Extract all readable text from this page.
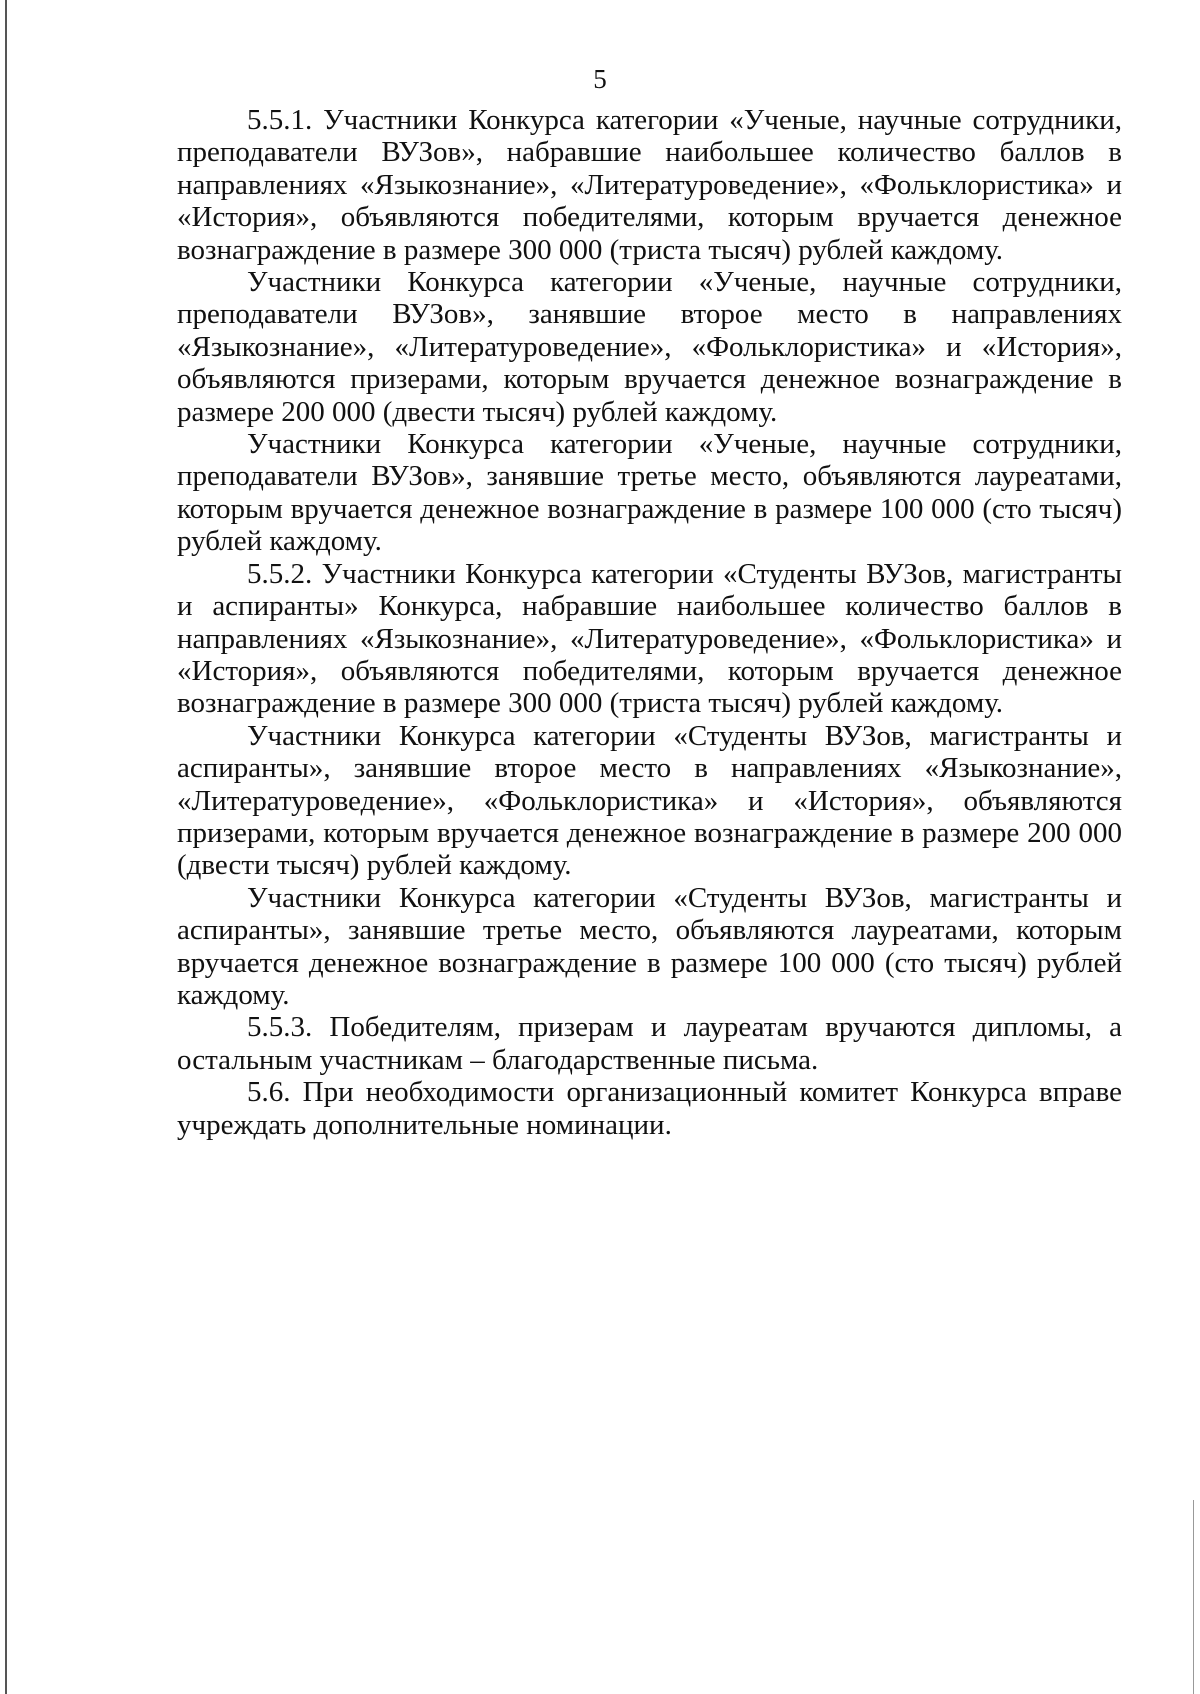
5

5.5.1. Участники Конкурса категории «Ученые, научные сотрудники, преподаватели ВУЗов», набравшие наибольшее количество баллов в направлениях «Языкознание», «Литературоведение», «Фольклористика» и «История», объявляются победителями, которым вручается денежное вознаграждение в размере 300 000 (триста тысяч) рублей каждому.

Участники Конкурса категории «Ученые, научные сотрудники, преподаватели ВУЗов», занявшие второе место в направлениях «Языкознание», «Литературоведение», «Фольклористика» и «История», объявляются призерами, которым вручается денежное вознаграждение в размере 200 000 (двести тысяч) рублей каждому.

Участники Конкурса категории «Ученые, научные сотрудники, преподаватели ВУЗов», занявшие третье место, объявляются лауреатами, которым вручается денежное вознаграждение в размере 100 000 (сто тысяч) рублей каждому.

5.5.2. Участники Конкурса категории «Студенты ВУЗов, магистранты и аспиранты» Конкурса, набравшие наибольшее количество баллов в направлениях «Языкознание», «Литературоведение», «Фольклористика» и «История», объявляются победителями, которым вручается денежное вознаграждение в размере 300 000 (триста тысяч) рублей каждому.

Участники Конкурса категории «Студенты ВУЗов, магистранты и аспиранты», занявшие второе место в направлениях «Языкознание», «Литературоведение», «Фольклористика» и «История», объявляются призерами, которым вручается денежное вознаграждение в размере 200 000 (двести тысяч) рублей каждому.

Участники Конкурса категории «Студенты ВУЗов, магистранты и аспиранты», занявшие третье место, объявляются лауреатами, которым вручается денежное вознаграждение в размере 100 000 (сто тысяч) рублей каждому.

5.5.3. Победителям, призерам и лауреатам вручаются дипломы, а остальным участникам – благодарственные письма.

5.6. При необходимости организационный комитет Конкурса вправе учреждать дополнительные номинации.
